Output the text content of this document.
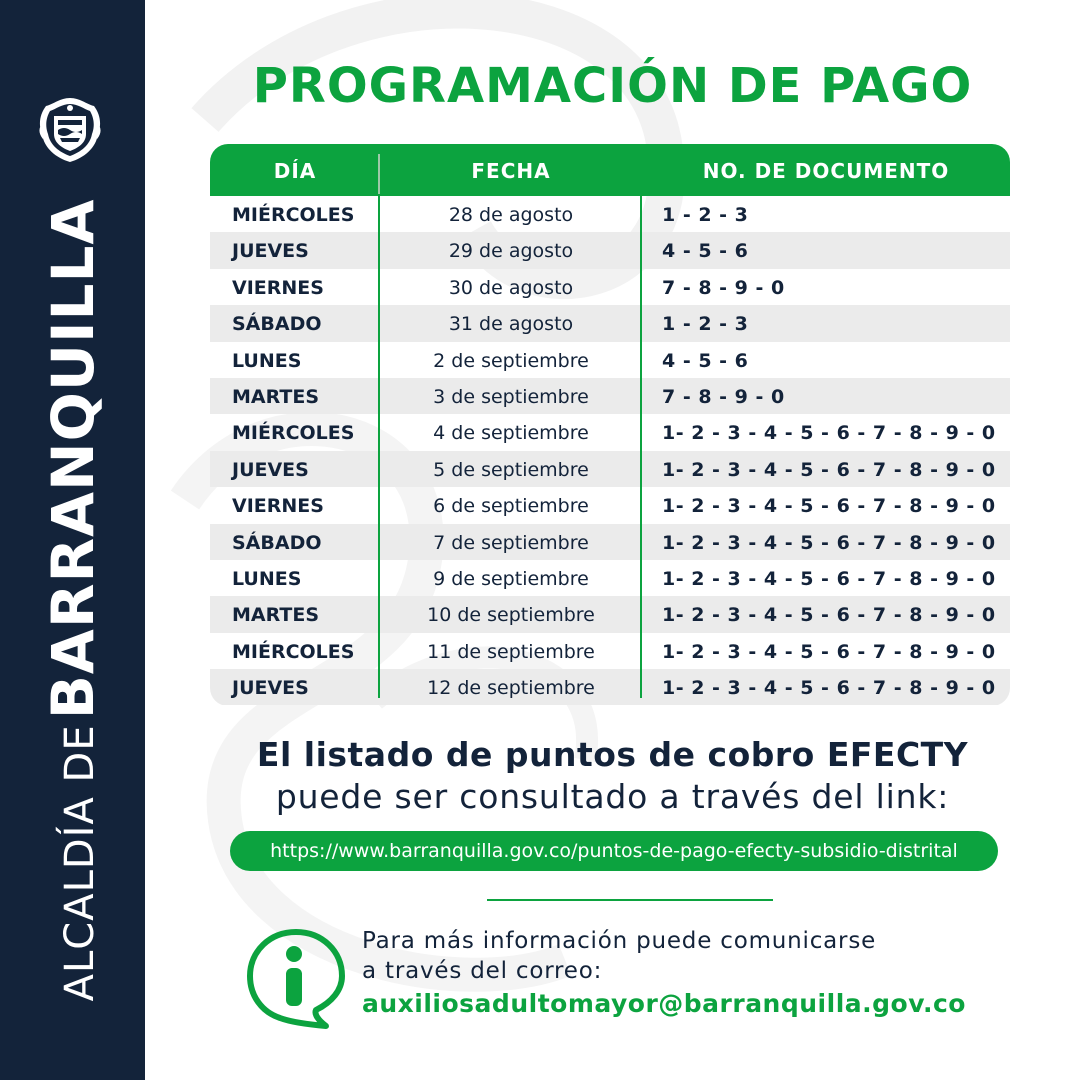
ALCALDÍA DE BARRANQUILLA
PROGRAMACIÓN DE PAGO
DÍA	FECHA	NO. DE DOCUMENTO
MIÉRCOLES	28 de agosto	1 - 2 - 3
JUEVES	29 de agosto	4 - 5 - 6
VIERNES	30 de agosto	7 - 8 - 9 - 0
SÁBADO	31 de agosto	1 - 2 - 3
LUNES	2 de septiembre	4 - 5 - 6
MARTES	3 de septiembre	7 - 8 - 9 - 0
MIÉRCOLES	4 de septiembre	1- 2 - 3 - 4 - 5 - 6 - 7 - 8 - 9 - 0
JUEVES	5 de septiembre	1- 2 - 3 - 4 - 5 - 6 - 7 - 8 - 9 - 0
VIERNES	6 de septiembre	1- 2 - 3 - 4 - 5 - 6 - 7 - 8 - 9 - 0
SÁBADO	7 de septiembre	1- 2 - 3 - 4 - 5 - 6 - 7 - 8 - 9 - 0
LUNES	9 de septiembre	1- 2 - 3 - 4 - 5 - 6 - 7 - 8 - 9 - 0
MARTES	10 de septiembre	1- 2 - 3 - 4 - 5 - 6 - 7 - 8 - 9 - 0
MIÉRCOLES	11 de septiembre	1- 2 - 3 - 4 - 5 - 6 - 7 - 8 - 9 - 0
JUEVES	12 de septiembre	1- 2 - 3 - 4 - 5 - 6 - 7 - 8 - 9 - 0

El listado de puntos de cobro EFECTY
puede ser consultado a través del link:

https://www.barranquilla.gov.co/puntos-de-pago-efecty-subsidio-distrital
Para más información puede comunicarse
a través del correo:
auxiliosadultomayor@barranquilla.gov.co
